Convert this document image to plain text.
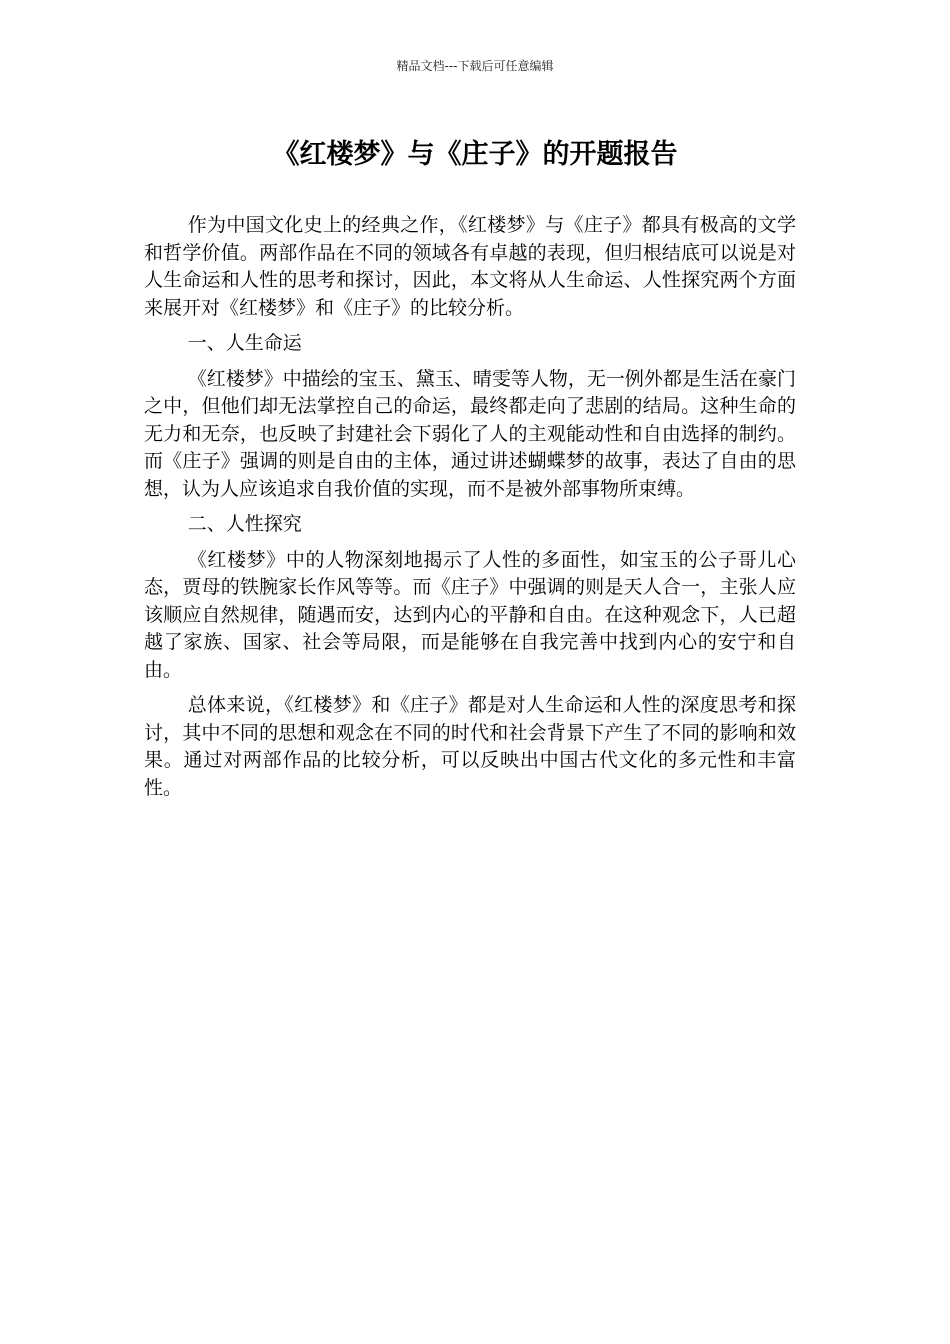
精品文档---下载后可任意编辑
《红楼梦》与《庄子》的开题报告

作为中国文化史上的经典之作，《红楼梦》与《庄子》都具有极高的文学和哲学价值。两部作品在不同的领域各有卓越的表现，但归根结底可以说是对人生命运和人性的思考和探讨，因此，本文将从人生命运、人性探究两个方面来展开对《红楼梦》和《庄子》的比较分析。

一、人生命运

《红楼梦》中描绘的宝玉、黛玉、晴雯等人物，无一例外都是生活在豪门之中，但他们却无法掌控自己的命运，最终都走向了悲剧的结局。这种生命的无力和无奈，也反映了封建社会下弱化了人的主观能动性和自由选择的制约。而《庄子》强调的则是自由的主体，通过讲述蝴蝶梦的故事，表达了自由的思想，认为人应该追求自我价值的实现，而不是被外部事物所束缚。

二、人性探究

《红楼梦》中的人物深刻地揭示了人性的多面性，如宝玉的公子哥儿心态，贾母的铁腕家长作风等等。而《庄子》中强调的则是天人合一，主张人应该顺应自然规律，随遇而安，达到内心的平静和自由。在这种观念下，人已超越了家族、国家、社会等局限，而是能够在自我完善中找到内心的安宁和自由。

总体来说，《红楼梦》和《庄子》都是对人生命运和人性的深度思考和探讨，其中不同的思想和观念在不同的时代和社会背景下产生了不同的影响和效果。通过对两部作品的比较分析，可以反映出中国古代文化的多元性和丰富性。
